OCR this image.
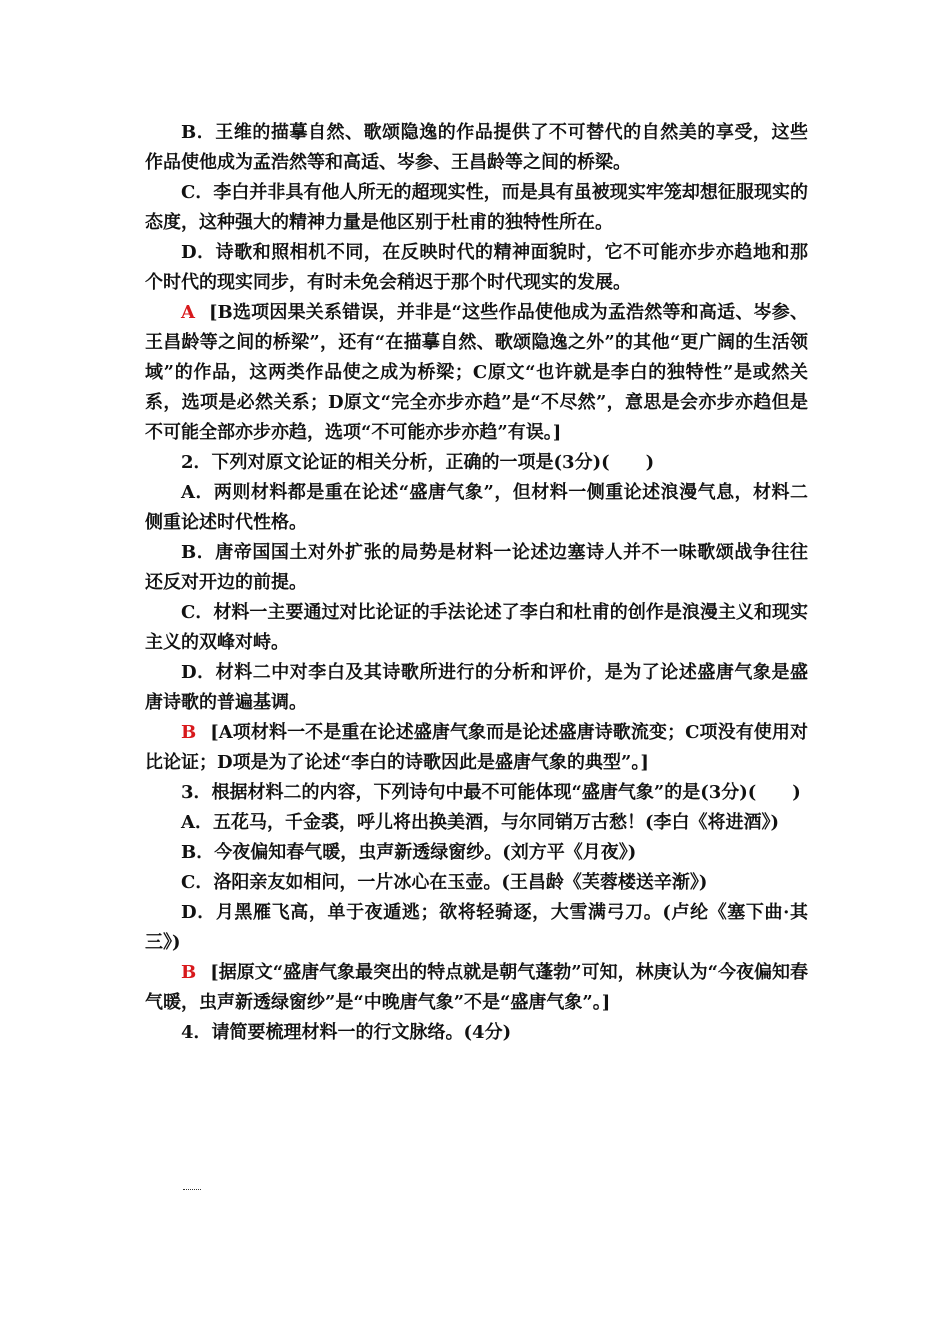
B．王维的描摹自然、歌颂隐逸的作品提供了不可替代的自然美的享受，这些作品使他成为孟浩然等和高适、岑参、王昌龄等之间的桥梁。

C．李白并非具有他人所无的超现实性，而是具有虽被现实牢笼却想征服现实的态度，这种强大的精神力量是他区别于杜甫的独特性所在。

D．诗歌和照相机不同，在反映时代的精神面貌时，它不可能亦步亦趋地和那个时代的现实同步，有时未免会稍迟于那个时代现实的发展。

A [B选项因果关系错误，并非是“这些作品使他成为孟浩然等和高适、岑参、王昌龄等之间的桥梁”，还有“在描摹自然、歌颂隐逸之外”的其他“更广阔的生活领域”的作品，这两类作品使之成为桥梁；C原文“也许就是李白的独特性”是或然关系，选项是必然关系；D原文“完全亦步亦趋”是“不尽然”，意思是会亦步亦趋但是不可能全部亦步亦趋，选项“不可能亦步亦趋”有误。]

2．下列对原文论证的相关分析，正确的一项是(3分)(　　)

A．两则材料都是重在论述“盛唐气象”，但材料一侧重论述浪漫气息，材料二侧重论述时代性格。

B．唐帝国国土对外扩张的局势是材料一论述边塞诗人并不一味歌颂战争往往还反对开边的前提。

C．材料一主要通过对比论证的手法论述了李白和杜甫的创作是浪漫主义和现实主义的双峰对峙。

D．材料二中对李白及其诗歌所进行的分析和评价，是为了论述盛唐气象是盛唐诗歌的普遍基调。

B [A项材料一不是重在论述盛唐气象而是论述盛唐诗歌流变；C项没有使用对比论证；D项是为了论述“李白的诗歌因此是盛唐气象的典型”。]

3．根据材料二的内容，下列诗句中最不可能体现“盛唐气象”的是(3分)(　　)

A．五花马，千金裘，呼儿将出换美酒，与尔同销万古愁！(李白《将进酒》)

B．今夜偏知春气暖，虫声新透绿窗纱。(刘方平《月夜》)

C．洛阳亲友如相问，一片冰心在玉壶。(王昌龄《芙蓉楼送辛渐》)

D．月黑雁飞高，单于夜遁逃；欲将轻骑逐，大雪满弓刀。(卢纶《塞下曲·其三》)

B [据原文“盛唐气象最突出的特点就是朝气蓬勃”可知，林庚认为“今夜偏知春气暖，虫声新透绿窗纱”是“中晚唐气象”不是“盛唐气象”。]

4．请简要梳理材料一的行文脉络。(4分)
